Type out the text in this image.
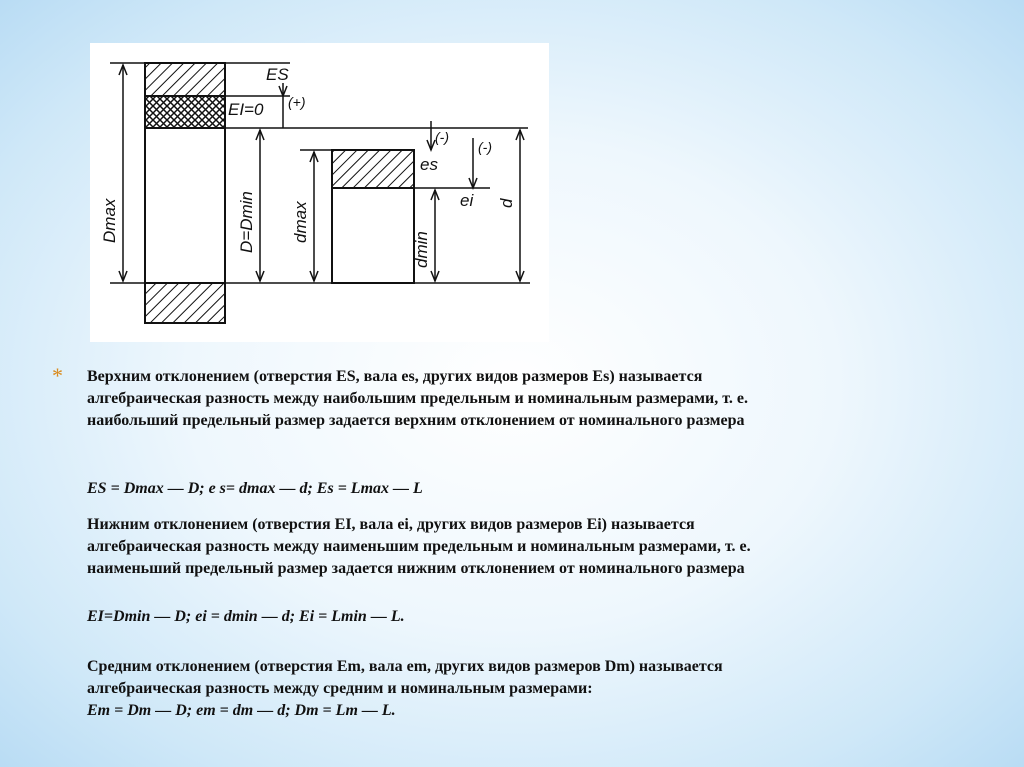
ES
EI=0 (+)
(-)
(-)
es
ei
Dmax	D=Dmin dmax
dmin
d
* Верхним отклонением (отверстия ES, вала es, других видов размеров Es) называется

алгебраическая разность между наибольшим предельным и номинальным размерами, т. е.

наибольший предельный размер задается верхним отклонением от номинального размера

ES = Dmax — D; e s= dmax — d; Es = Lmax — L

Нижним отклонением (отверстия EI, вала ei, других видов размеров Ei) называется

алгебраическая разность между наименьшим предельным и номинальным размерами, т. е.

наименьший предельный размер задается нижним отклонением от номинального размера

EI=Dmin — D; ei = dmin — d; Ei = Lmin — L.

Средним отклонением (отверстия Em, вала em, других видов размеров Dm) называется

алгебраическая разность между средним и номинальным размерами:

Em = Dm — D; em = dm — d; Dm = Lm — L.
